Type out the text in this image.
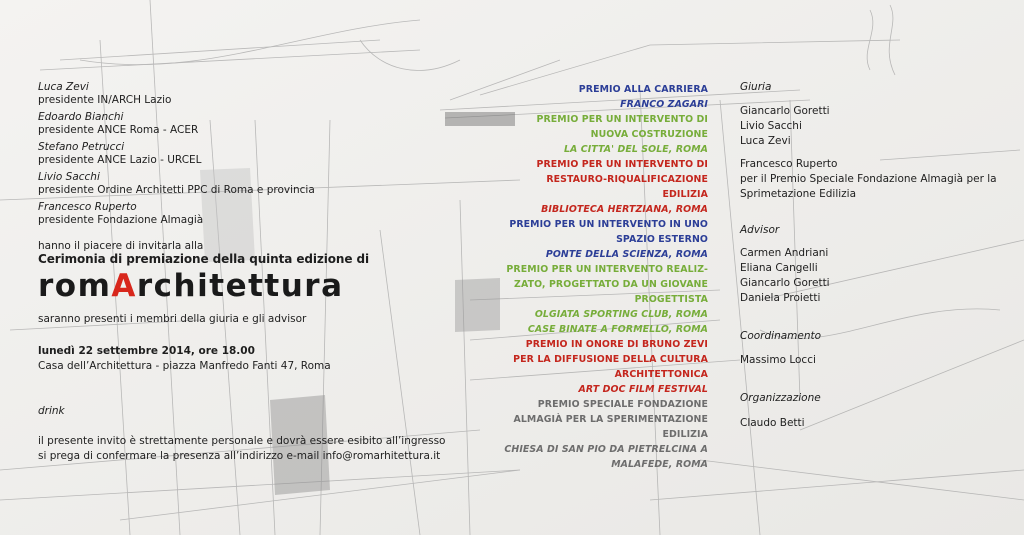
Luca Zevi
presidente IN/ARCH Lazio
Edoardo Bianchi
presidente ANCE Roma - ACER
Stefano Petrucci
presidente ANCE Lazio - URCEL
Livio Sacchi
presidente Ordine Architetti PPC di Roma e provincia
Francesco Ruperto
presidente Fondazione Almagià
hanno il piacere di invitarla alla
Cerimonia di premiazione della quinta edizione di
romArchitettura
saranno presenti i membri della giuria e gli advisor
lunedì 22 settembre 2014, ore 18.00
Casa dell’Architettura - piazza Manfredo Fanti 47, Roma
drink
il presente invito è strettamente personale e dovrà essere esibito all’ingresso
si prega di confermare la presenza all’indirizzo e-mail info@romarhitettura.it
PREMIO ALLA CARRIERA
FRANCO ZAGARI
PREMIO PER UN INTERVENTO DI
NUOVA COSTRUZIONE
LA CITTA' DEL SOLE, ROMA
PREMIO PER UN INTERVENTO DI
RESTAURO-RIQUALIFICAZIONE
EDILIZIA
BIBLIOTECA HERTZIANA, ROMA
PREMIO PER UN INTERVENTO IN UNO
SPAZIO ESTERNO
PONTE DELLA SCIENZA, ROMA
PREMIO PER UN INTERVENTO REALIZ-
ZATO, PROGETTATO DA UN GIOVANE
PROGETTISTA
OLGIATA SPORTING CLUB, ROMA
CASE BINATE A FORMELLO, ROMA
PREMIO IN ONORE DI BRUNO ZEVI
PER LA DIFFUSIONE DELLA CULTURA
ARCHITETTONICA
ART DOC FILM FESTIVAL
PREMIO SPECIALE FONDAZIONE
ALMAGIÀ PER LA SPERIMENTAZIONE
EDILIZIA
CHIESA DI SAN PIO DA PIETRELCINA A
MALAFEDE, ROMA
Giuria
Giancarlo Goretti
Livio Sacchi
Luca Zevi
Francesco Ruperto
per il Premio Speciale Fondazione Almagià per la
Sprimetazione Edilizia
Advisor
Carmen Andriani
Eliana Cangelli
Giancarlo Goretti
Daniela Proietti
Coordinamento
Massimo Locci
Organizzazione
Claudo Betti
